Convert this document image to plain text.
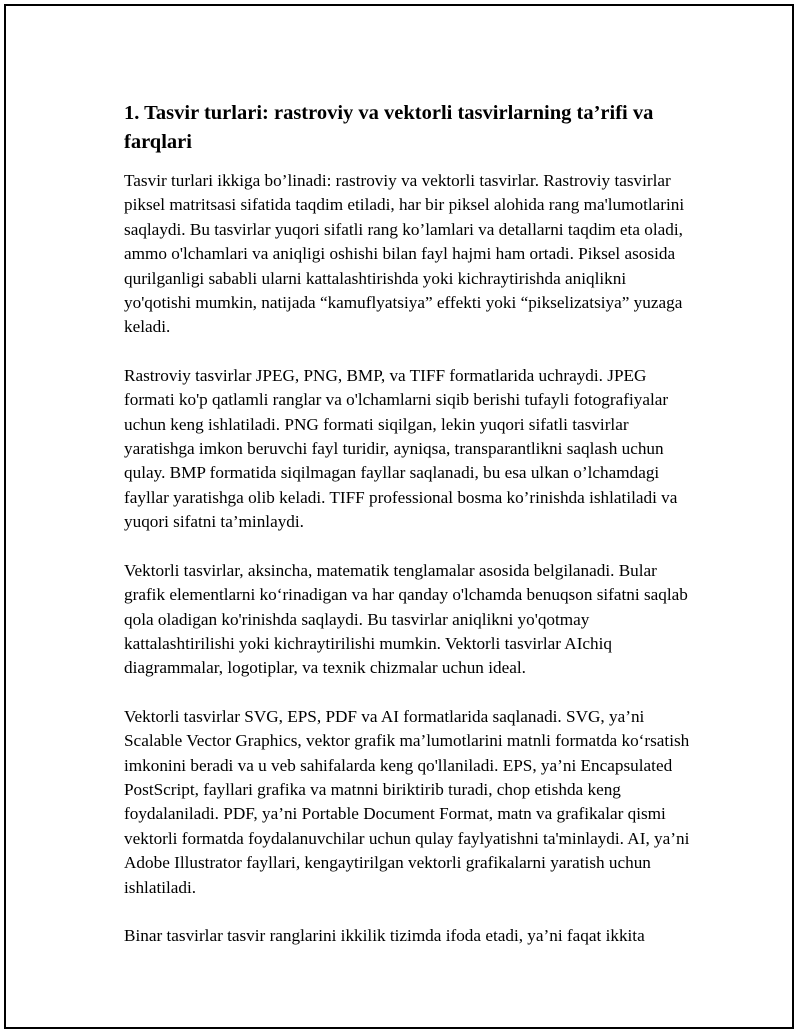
1. Tasvir turlari: rastroviy va vektorli tasvirlarning ta’rifi va farqlari

Tasvir turlari ikkiga bo’linadi: rastroviy va vektorli tasvirlar. Rastroviy tasvirlar piksel matritsasi sifatida taqdim etiladi, har bir piksel alohida rang ma'lumotlarini saqlaydi. Bu tasvirlar yuqori sifatli rang ko’lamlari va detallarni taqdim eta oladi, ammo o'lchamlari va aniqligi oshishi bilan fayl hajmi ham ortadi. Piksel asosida qurilganligi sababli ularni kattalashtirishda yoki kichraytirishda aniqlikni yo'qotishi mumkin, natijada “kamuflyatsiya” effekti yoki “pikselizatsiya” yuzaga keladi.

Rastroviy tasvirlar JPEG, PNG, BMP, va TIFF formatlarida uchraydi. JPEG formati ko'p qatlamli ranglar va o'lchamlarni siqib berishi tufayli fotografiyalar uchun keng ishlatiladi. PNG formati siqilgan, lekin yuqori sifatli tasvirlar yaratishga imkon beruvchi fayl turidir, ayniqsa, transparantlikni saqlash uchun qulay. BMP formatida siqilmagan fayllar saqlanadi, bu esa ulkan o’lchamdagi fayllar yaratishga olib keladi. TIFF professional bosma ko’rinishda ishlatiladi va yuqori sifatni ta’minlaydi.

Vektorli tasvirlar, aksincha, matematik tenglamalar asosida belgilanadi. Bular grafik elementlarni ko‘rinadigan va har qanday o'lchamda benuqson sifatni saqlab qola oladigan ko'rinishda saqlaydi. Bu tasvirlar aniqlikni yo'qotmay kattalashtirilishi yoki kichraytirilishi mumkin. Vektorli tasvirlar AIchiq diagrammalar, logotiplar, va texnik chizmalar uchun ideal.

Vektorli tasvirlar SVG, EPS, PDF va AI formatlarida saqlanadi. SVG, ya’ni Scalable Vector Graphics, vektor grafik ma’lumotlarini matnli formatda ko‘rsatish imkonini beradi va u veb sahifalarda keng qo'llaniladi. EPS, ya’ni Encapsulated PostScript, fayllari grafika va matnni biriktirib turadi, chop etishda keng foydalaniladi. PDF, ya’ni Portable Document Format, matn va grafikalar qismi vektorli formatda foydalanuvchilar uchun qulay faylyatishni ta'minlaydi. AI, ya’ni Adobe Illustrator fayllari, kengaytirilgan vektorli grafikalarni yaratish uchun ishlatiladi.

Binar tasvirlar tasvir ranglarini ikkilik tizimda ifoda etadi, ya’ni faqat ikkita
